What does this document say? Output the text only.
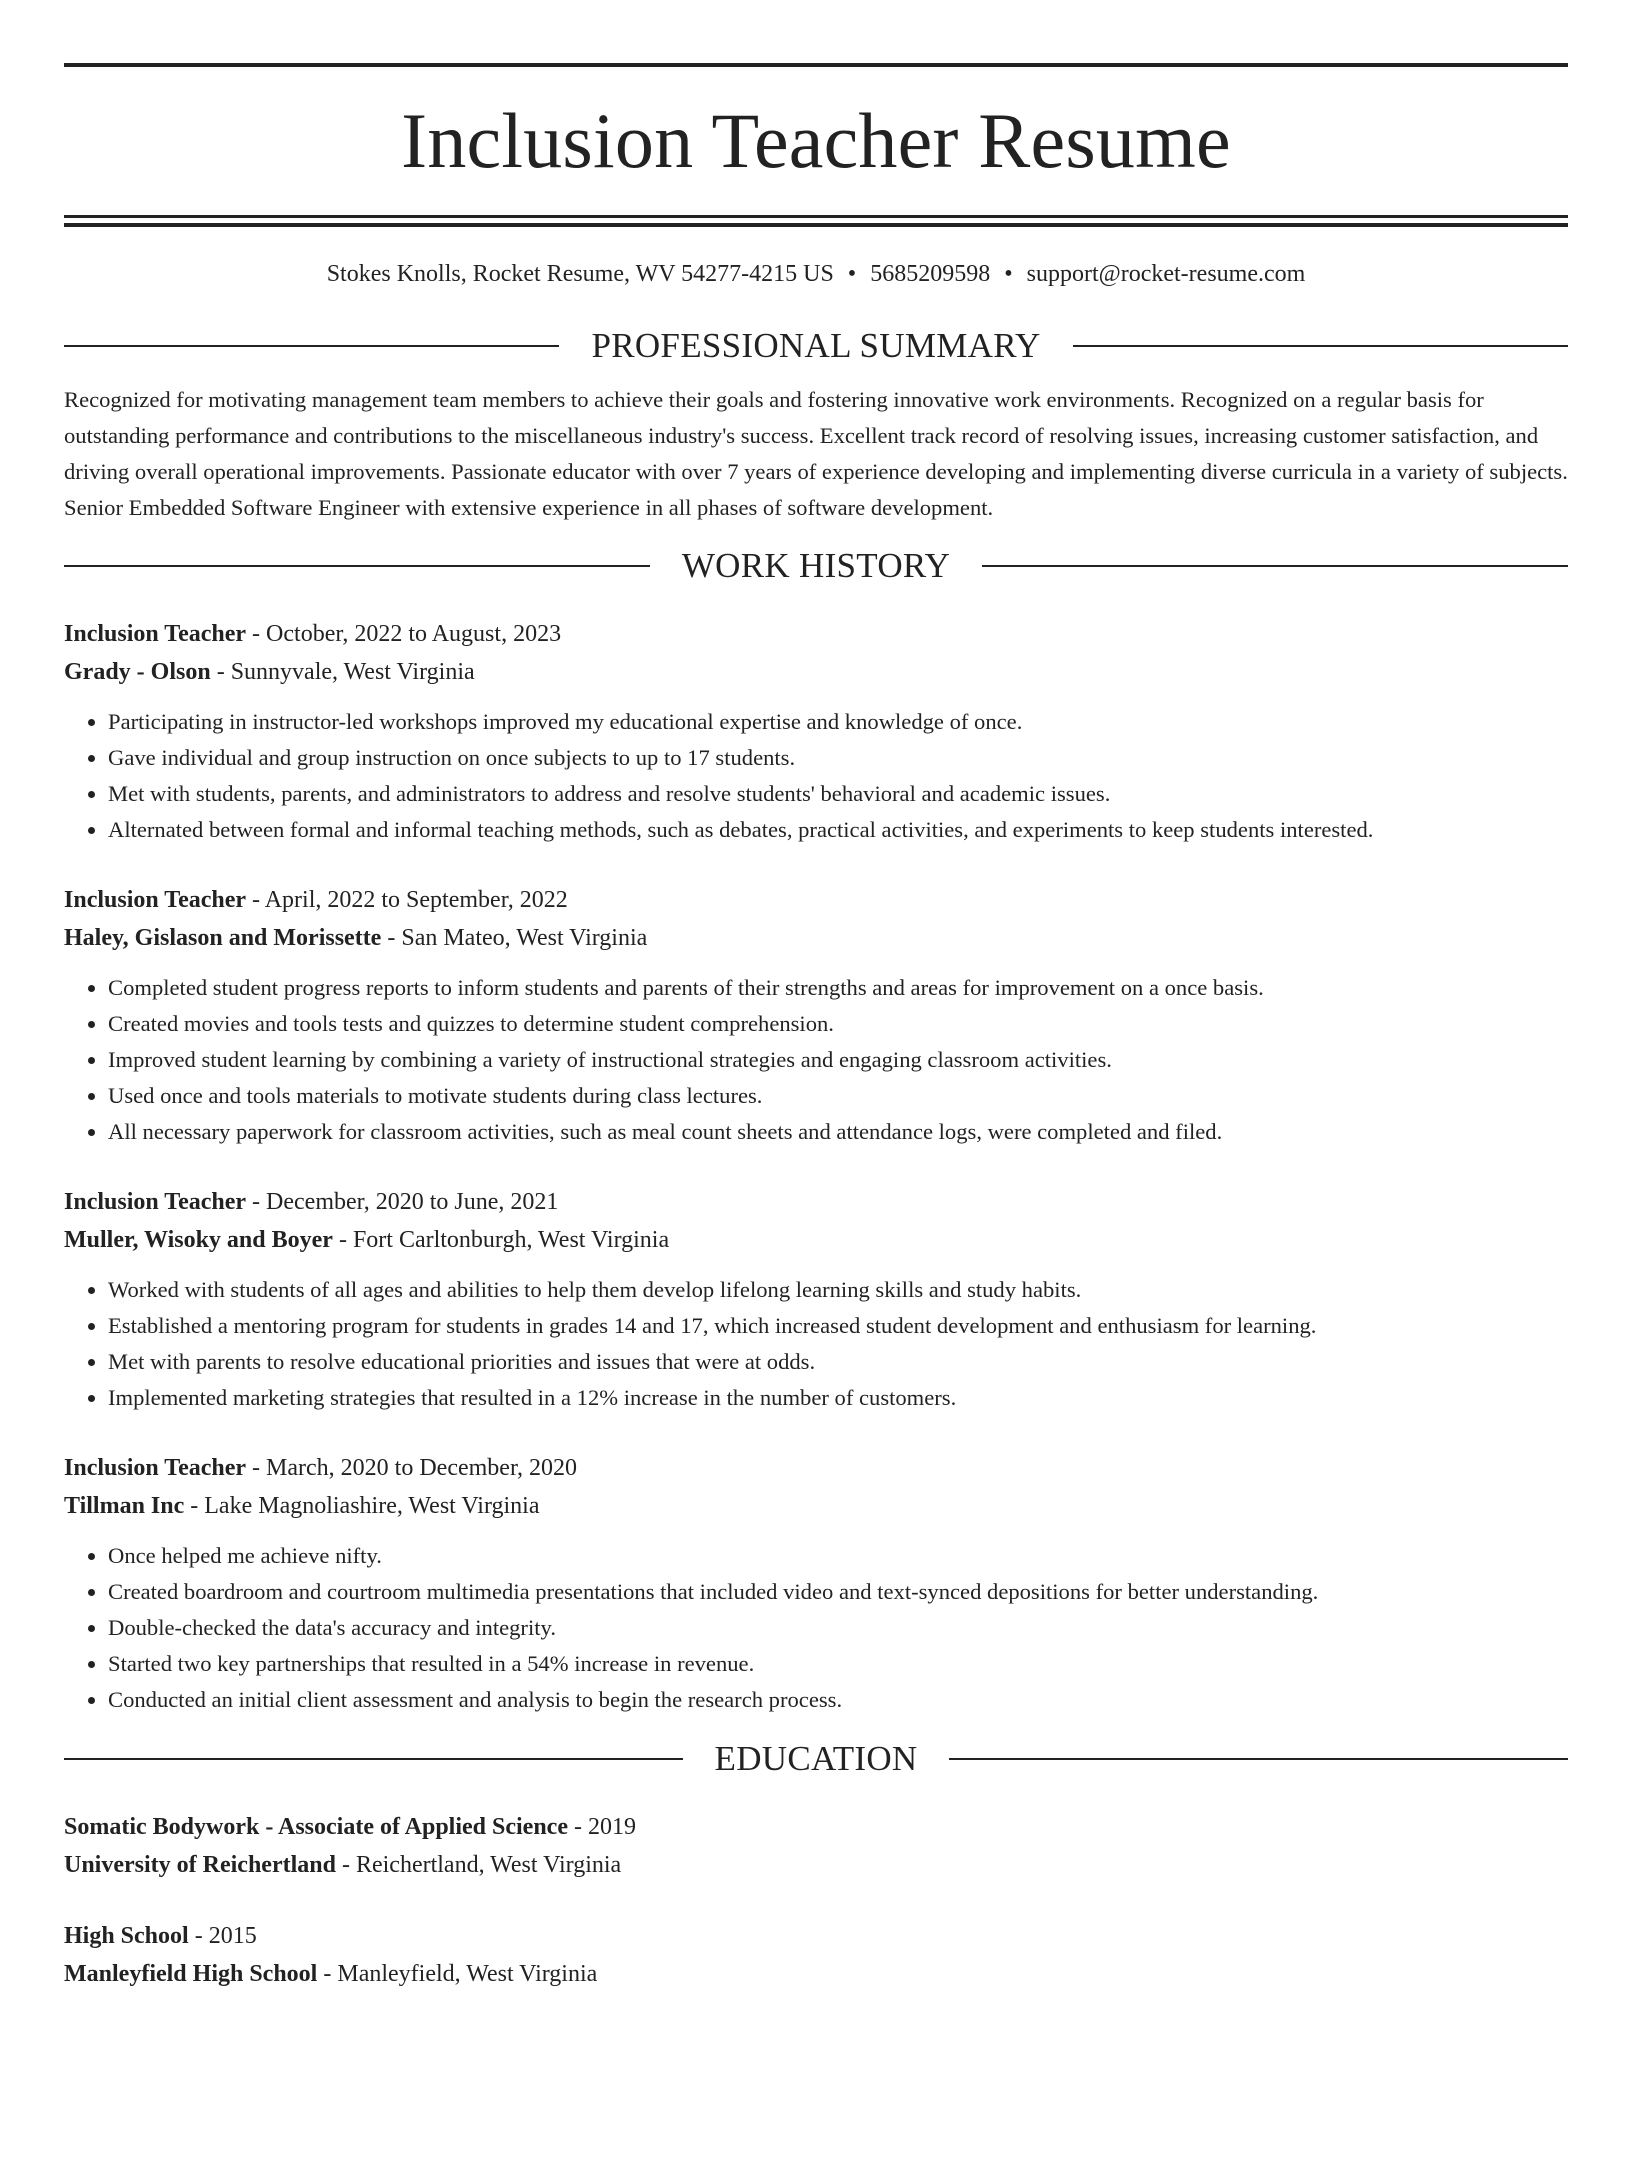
Inclusion Teacher Resume
Stokes Knolls, Rocket Resume, WV 54277-4215 US • 5685209598 • support@rocket-resume.com
PROFESSIONAL SUMMARY
Recognized for motivating management team members to achieve their goals and fostering innovative work environments. Recognized on a regular basis for outstanding performance and contributions to the miscellaneous industry's success. Excellent track record of resolving issues, increasing customer satisfaction, and driving overall operational improvements. Passionate educator with over 7 years of experience developing and implementing diverse curricula in a variety of subjects. Senior Embedded Software Engineer with extensive experience in all phases of software development.
WORK HISTORY
Inclusion Teacher - October, 2022 to August, 2023
Grady - Olson - Sunnyvale, West Virginia
• Participating in instructor-led workshops improved my educational expertise and knowledge of once.
• Gave individual and group instruction on once subjects to up to 17 students.
• Met with students, parents, and administrators to address and resolve students' behavioral and academic issues.
• Alternated between formal and informal teaching methods, such as debates, practical activities, and experiments to keep students interested.
Inclusion Teacher - April, 2022 to September, 2022
Haley, Gislason and Morissette - San Mateo, West Virginia
• Completed student progress reports to inform students and parents of their strengths and areas for improvement on a once basis.
• Created movies and tools tests and quizzes to determine student comprehension.
• Improved student learning by combining a variety of instructional strategies and engaging classroom activities.
• Used once and tools materials to motivate students during class lectures.
• All necessary paperwork for classroom activities, such as meal count sheets and attendance logs, were completed and filed.
Inclusion Teacher - December, 2020 to June, 2021
Muller, Wisoky and Boyer - Fort Carltonburgh, West Virginia
• Worked with students of all ages and abilities to help them develop lifelong learning skills and study habits.
• Established a mentoring program for students in grades 14 and 17, which increased student development and enthusiasm for learning.
• Met with parents to resolve educational priorities and issues that were at odds.
• Implemented marketing strategies that resulted in a 12% increase in the number of customers.
Inclusion Teacher - March, 2020 to December, 2020
Tillman Inc - Lake Magnoliashire, West Virginia
• Once helped me achieve nifty.
• Created boardroom and courtroom multimedia presentations that included video and text-synced depositions for better understanding.
• Double-checked the data's accuracy and integrity.
• Started two key partnerships that resulted in a 54% increase in revenue.
• Conducted an initial client assessment and analysis to begin the research process.
EDUCATION
Somatic Bodywork - Associate of Applied Science - 2019
University of Reichertland - Reichertland, West Virginia
High School - 2015
Manleyfield High School - Manleyfield, West Virginia
